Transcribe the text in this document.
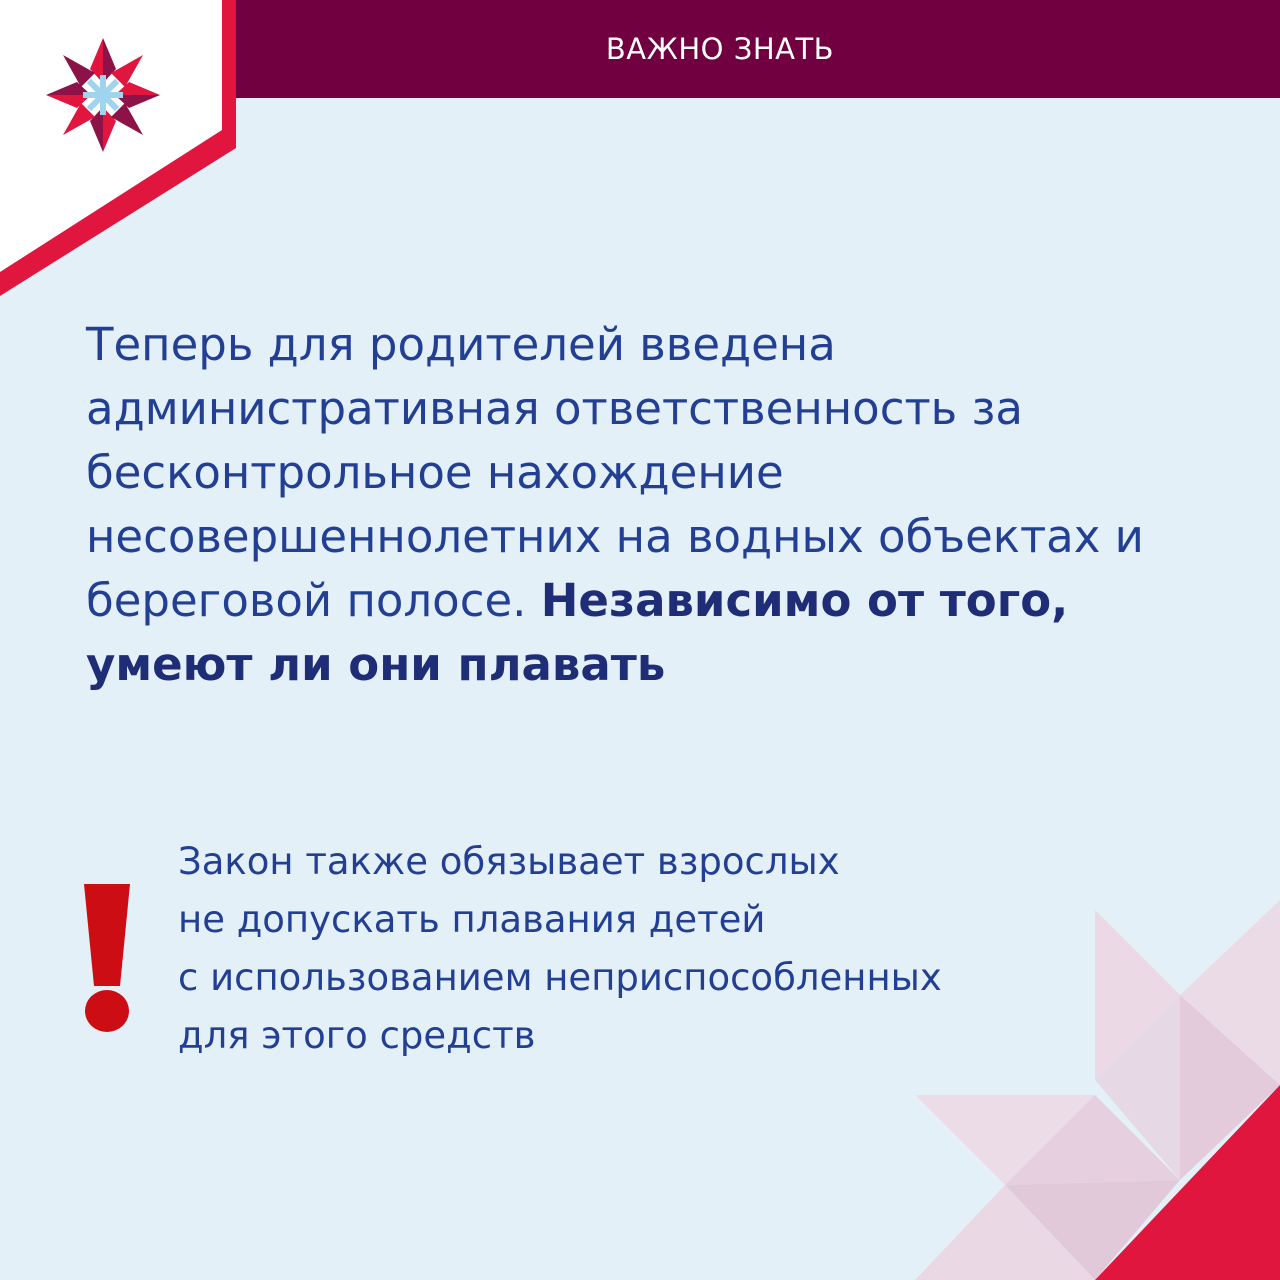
ВАЖНО ЗНАТЬ

Теперь для родителей введена административная ответственность за бесконтрольное нахождение несовершеннолетних на водных объектах и береговой полосе. Независимо от того, умеют ли они плавать

Закон также обязывает взрослых
не допускать плавания детей
с использованием неприспособленных
для этого средств
